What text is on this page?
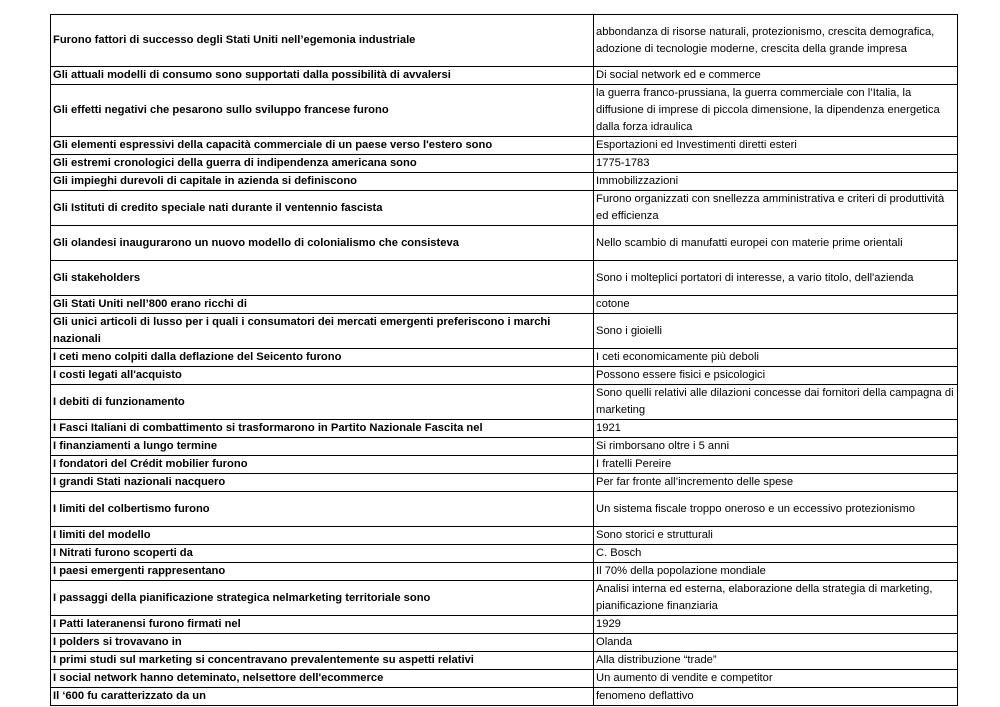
Furono fattori di successo degli Stati Uniti nell’egemonia industriale	abbondanza di risorse naturali, protezionismo, crescita demografica, adozione di tecnologie moderne, crescita della grande impresa
Gli attuali modelli di consumo sono supportati dalla possibilità di avvalersi	Di social network ed e commerce
Gli effetti negativi che pesarono sullo sviluppo francese furono	la guerra franco-prussiana, la guerra commerciale con l’Italia, la diffusione di imprese di piccola dimensione, la dipendenza energetica dalla forza idraulica
Gli elementi espressivi della capacità commerciale di un paese verso l'estero sono	Esportazioni ed Investimenti diretti esteri
Gli estremi cronologici della guerra di indipendenza americana sono	1775-1783
Gli impieghi durevoli di capitale in azienda si definiscono	Immobilizzazioni
Gli Istituti di credito speciale nati durante il ventennio fascista	Furono organizzati con snellezza amministrativa e criteri di produttività ed efficienza
Gli olandesi inaugurarono un nuovo modello di colonialismo che consisteva	Nello scambio di manufatti europei con materie prime orientali
Gli stakeholders	Sono i molteplici portatori di interesse, a vario titolo, dell'azienda
Gli Stati Uniti nell’800 erano ricchi di	cotone
Gli unici articoli di lusso per i quali i consumatori dei mercati emergenti preferiscono i marchi nazionali	Sono i gioielli
I ceti meno colpiti dalla deflazione del Seicento furono	I ceti economicamente più deboli
I costi legati all'acquisto	Possono essere fisici e psicologici
I debiti di funzionamento	Sono quelli relativi alle dilazioni concesse dai fornitori della campagna di marketing
I Fasci Italiani di combattimento si trasformarono in Partito Nazionale Fascita nel	1921
I finanziamenti a lungo termine	Si rimborsano oltre i 5 anni
I fondatori del Crédit mobilier furono	I fratelli Pereire
I grandi Stati nazionali nacquero	Per far fronte all’incremento delle spese
I limiti del colbertismo furono	Un sistema fiscale troppo oneroso e un eccessivo protezionismo
I limiti del modello	Sono storici e strutturali
I Nitrati furono scoperti da	C. Bosch
I paesi emergenti rappresentano	Il 70% della popolazione mondiale
I passaggi della pianificazione strategica nelmarketing territoriale sono	Analisi interna ed esterna, elaborazione della strategia di marketing, pianificazione finanziaria
I Patti lateranensi furono firmati nel	1929
I polders si trovavano in	Olanda
I primi studi sul marketing si concentravano prevalentemente su aspetti relativi	Alla distribuzione “trade”
I social network hanno deteminato, nelsettore dell'ecommerce	Un aumento di vendite e competitor
Il ‘600 fu caratterizzato da un	fenomeno deflattivo
